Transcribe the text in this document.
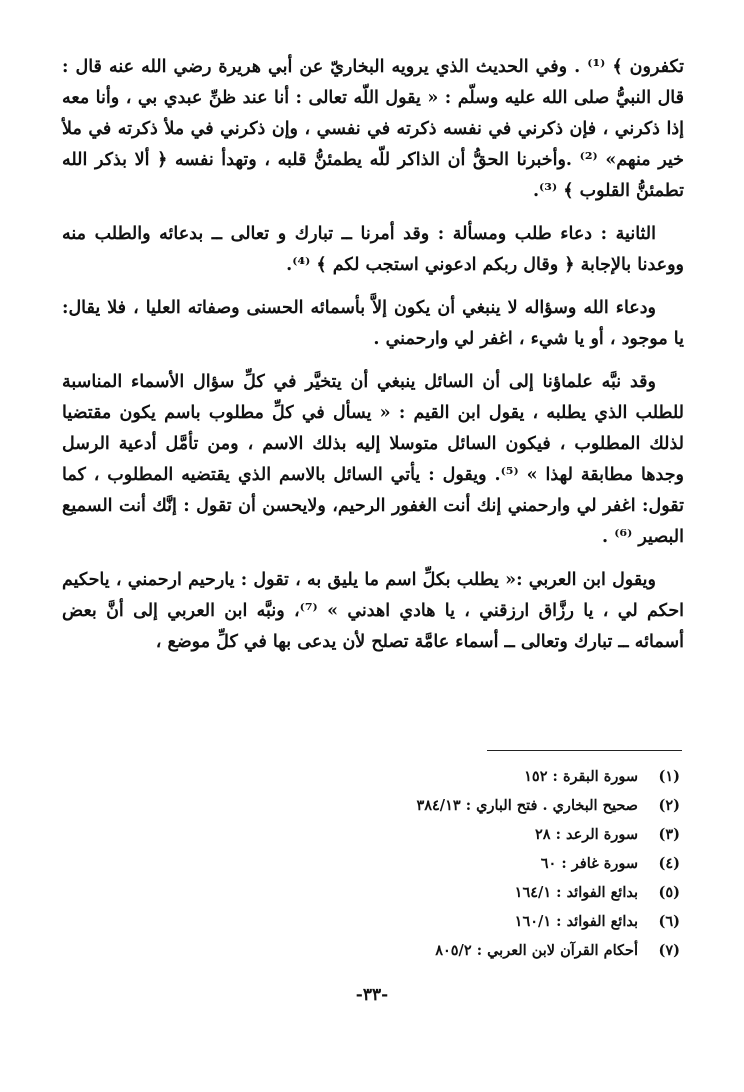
تكفرون ﴾ ⁽¹⁾ . وفي الحديث الذي يرويه البخاريّ عن أبي هريرة رضي الله عنه قال : قال النبيُّ صلى الله عليه وسلّم : « يقول اللّه تعالى : أنا عند ظنِّ عبدي بي ، وأنا معه إذا ذكرني ، فإن ذكرني في نفسه ذكرته في نفسي ، وإن ذكرني في ملأ ذكرته في ملأ خير منهم» ⁽²⁾ .وأخبرنا الحقُّ أن الذاكر للّه يطمئنُّ قلبه ، وتهدأ نفسه ﴿ ألا بذكر الله تطمئنُّ القلوب ﴾ ⁽³⁾.

الثانية : دعاء طلب ومسألة : وقد أمرنا ــ تبارك و تعالى ــ بدعائه والطلب منه ووعدنا بالإجابة ﴿ وقال ربكم ادعوني استجب لكم ﴾ ⁽⁴⁾.

ودعاء الله وسؤاله لا ينبغي أن يكون إلاَّ بأسمائه الحسنى وصفاته العليا ، فلا يقال: يا موجود ، أو يا شيء ، اغفر لي وارحمني .

وقد نبَّه علماؤنا إلى أن السائل ينبغي أن يتخيَّر في كلِّ سؤال الأسماء المناسبة للطلب الذي يطلبه ، يقول ابن القيم : « يسأل في كلِّ مطلوب باسم يكون مقتضيا لذلك المطلوب ، فيكون السائل متوسلا إليه بذلك الاسم ، ومن تأمَّل أدعية الرسل وجدها مطابقة لهذا » ⁽⁵⁾. ويقول : يأتي السائل بالاسم الذي يقتضيه المطلوب ، كما تقول: اغفر لي وارحمني إنك أنت الغفور الرحيم، ولايحسن أن تقول : إنَّك أنت السميع البصير ⁽⁶⁾ .

ويقول ابن العربي :« يطلب بكلِّ اسم ما يليق به ، تقول : يارحيم ارحمني ، ياحكيم احكم لي ، يا رزَّاق ارزقني ، يا هادي اهدني » ⁽⁷⁾، ونبَّه ابن العربي إلى أنَّ بعض أسمائه ــ تبارك وتعالى ــ أسماء عامَّة تصلح لأن يدعى بها في كلِّ موضع ،

(١)
سورة البقرة : ١٥٢
(٢)
صحيح البخاري . فتح الباري : ٣٨٤/١٣
(٣)
سورة الرعد : ٢٨
(٤)
سورة غافر : ٦٠
(٥)
بدائع الفوائد : ١٦٤/١
(٦)
بدائع الفوائد : ١٦٠/١
(٧)
أحكام القرآن لابن العربي : ٨٠٥/٢
-٣٣-
